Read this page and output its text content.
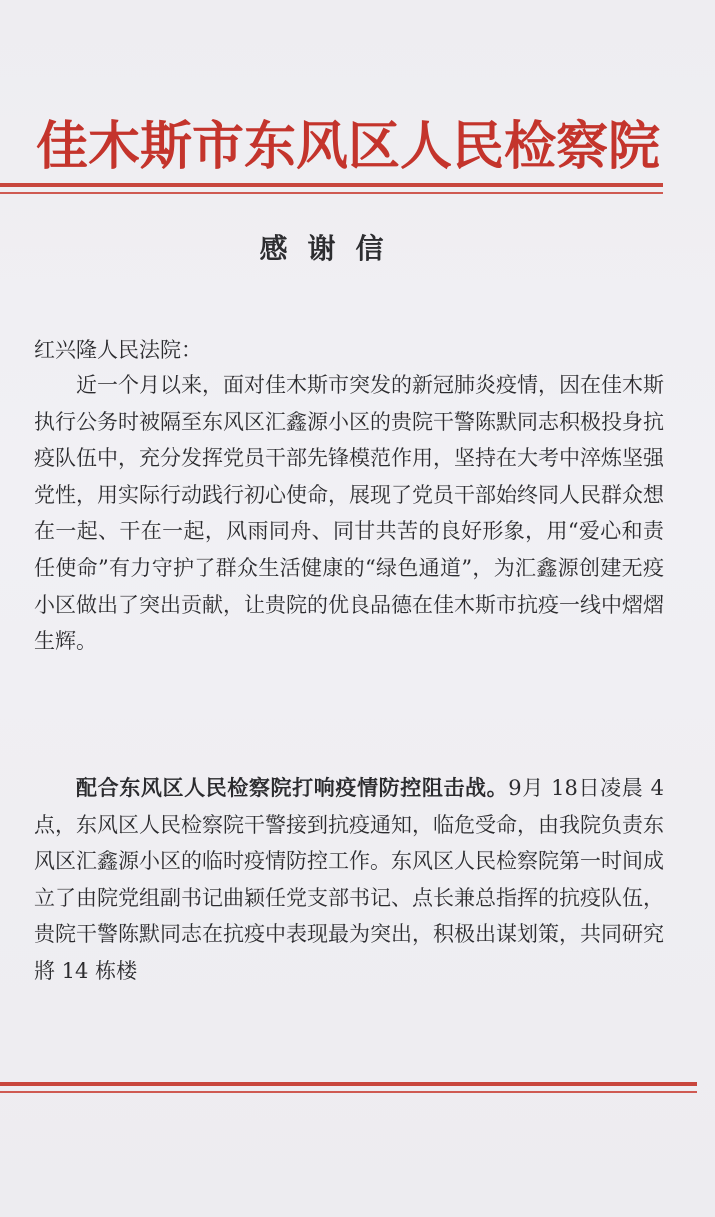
佳木斯市东风区人民检察院
感谢信
红兴隆人民法院：
近一个月以来，面对佳木斯市突发的新冠肺炎疫情，因在佳木斯执行公务时被隔至东风区汇鑫源小区的贵院干警陈默同志积极投身抗疫队伍中，充分发挥党员干部先锋模范作用，坚持在大考中淬炼坚强党性，用实际行动践行初心使命，展现了党员干部始终同人民群众想在一起、干在一起，风雨同舟、同甘共苦的良好形象，用“爱心和责任使命”有力守护了群众生活健康的“绿色通道”，为汇鑫源创建无疫小区做出了突出贡献，让贵院的优良品德在佳木斯市抗疫一线中熠熠生辉。
配合东风区人民检察院打响疫情防控阻击战。9月 18日凌晨 4 点，东风区人民检察院干警接到抗疫通知，临危受命，由我院负责东风区汇鑫源小区的临时疫情防控工作。东风区人民检察院第一时间成立了由院党组副书记曲颖任党支部书记、点长兼总指挥的抗疫队伍，贵院干警陈默同志在抗疫中表现最为突出，积极出谋划策，共同研究將 14 栋楼
